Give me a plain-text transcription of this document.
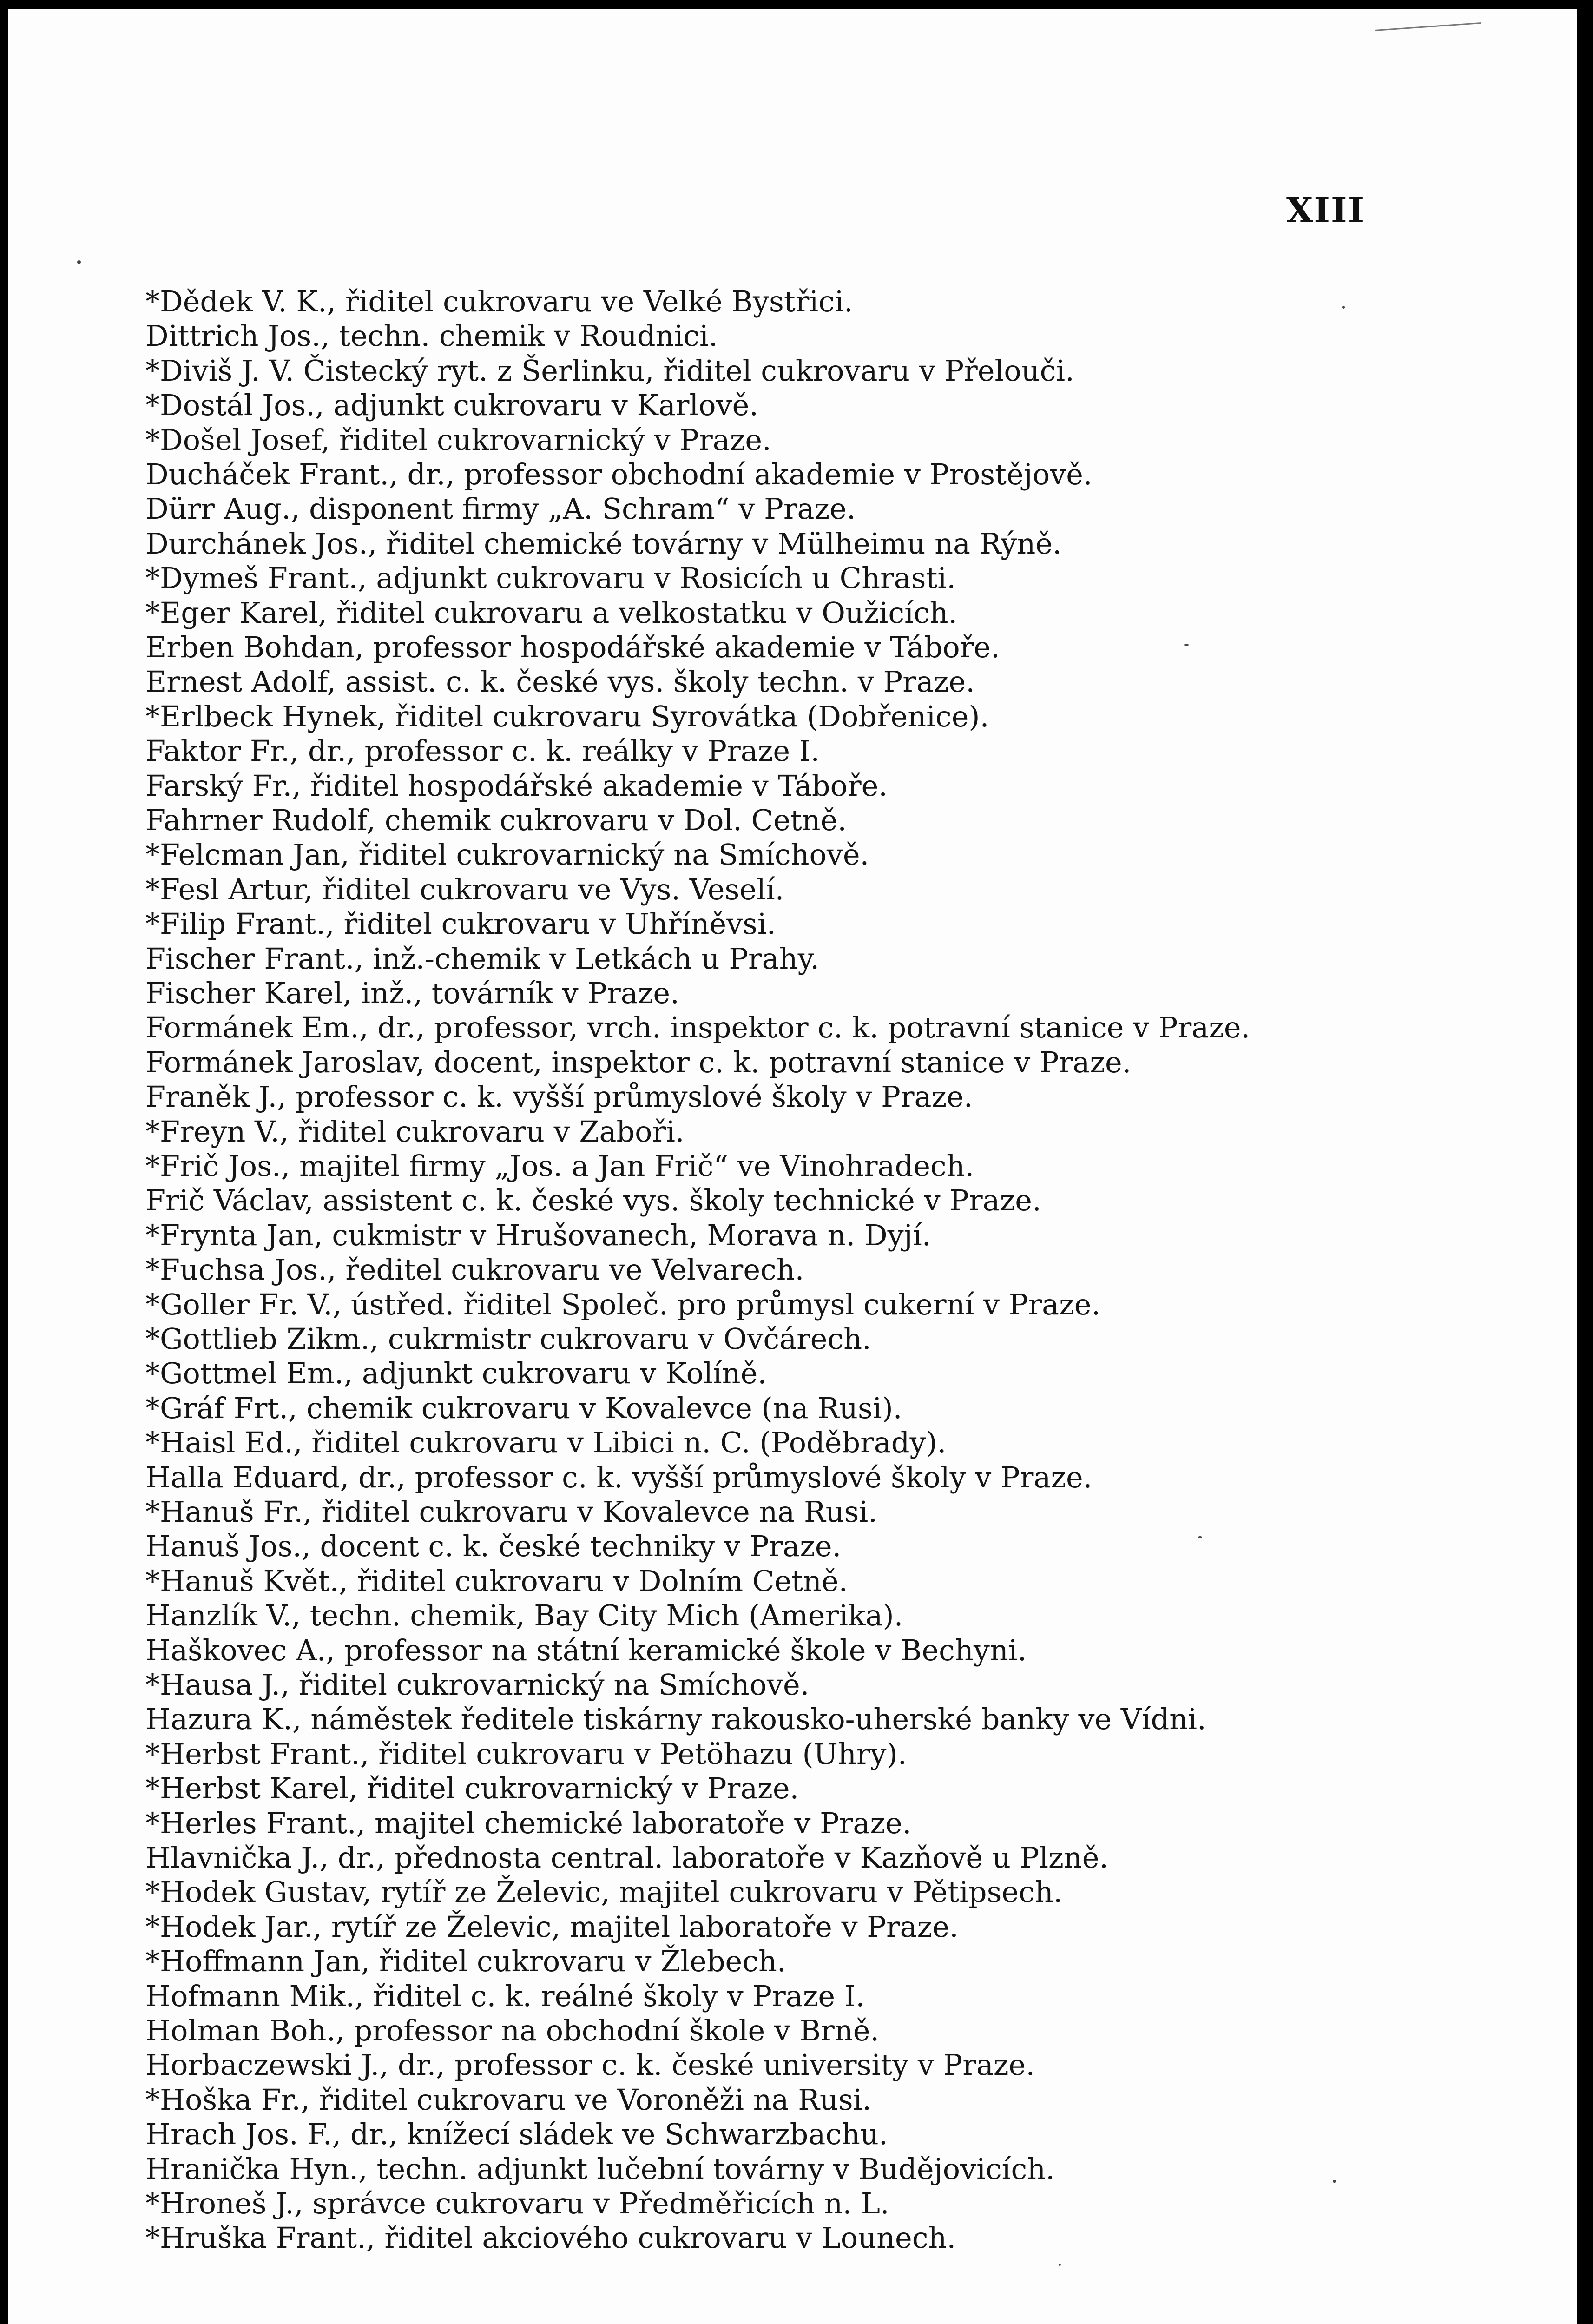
XIII
*Dědek V. K., řiditel cukrovaru ve Velké Bystřici.
Dittrich Jos., techn. chemik v Roudnici.
*Diviš J. V. Čistecký ryt. z Šerlinku, řiditel cukrovaru v Přelouči.
*Dostál Jos., adjunkt cukrovaru v Karlově.
*Došel Josef, řiditel cukrovarnický v Praze.
Ducháček Frant., dr., professor obchodní akademie v Prostějově.
Dürr Aug., disponent firmy „A. Schram“ v Praze.
Durchánek Jos., řiditel chemické továrny v Mülheimu na Rýně.
*Dymeš Frant., adjunkt cukrovaru v Rosicích u Chrasti.
*Eger Karel, řiditel cukrovaru a velkostatku v Oužicích.
Erben Bohdan, professor hospodářské akademie v Táboře.
Ernest Adolf, assist. c. k. české vys. školy techn. v Praze.
*Erlbeck Hynek, řiditel cukrovaru Syrovátka (Dobřenice).
Faktor Fr., dr., professor c. k. reálky v Praze I.
Farský Fr., řiditel hospodářské akademie v Táboře.
Fahrner Rudolf, chemik cukrovaru v Dol. Cetně.
*Felcman Jan, řiditel cukrovarnický na Smíchově.
*Fesl Artur, řiditel cukrovaru ve Vys. Veselí.
*Filip Frant., řiditel cukrovaru v Uhříněvsi.
Fischer Frant., inž.-chemik v Letkách u Prahy.
Fischer Karel, inž., továrník v Praze.
Formánek Em., dr., professor, vrch. inspektor c. k. potravní stanice v Praze.
Formánek Jaroslav, docent, inspektor c. k. potravní stanice v Praze.
Franěk J., professor c. k. vyšší průmyslové školy v Praze.
*Freyn V., řiditel cukrovaru v Zaboři.
*Frič Jos., majitel firmy „Jos. a Jan Frič“ ve Vinohradech.
Frič Václav, assistent c. k. české vys. školy technické v Praze.
*Frynta Jan, cukmistr v Hrušovanech, Morava n. Dyjí.
*Fuchsa Jos., ředitel cukrovaru ve Velvarech.
*Goller Fr. V., ústřed. řiditel Společ. pro průmysl cukerní v Praze.
*Gottlieb Zikm., cukrmistr cukrovaru v Ovčárech.
*Gottmel Em., adjunkt cukrovaru v Kolíně.
*Gráf Frt., chemik cukrovaru v Kovalevce (na Rusi).
*Haisl Ed., řiditel cukrovaru v Libici n. C. (Poděbrady).
Halla Eduard, dr., professor c. k. vyšší průmyslové školy v Praze.
*Hanuš Fr., řiditel cukrovaru v Kovalevce na Rusi.
Hanuš Jos., docent c. k. české techniky v Praze.
*Hanuš Květ., řiditel cukrovaru v Dolním Cetně.
Hanzlík V., techn. chemik, Bay City Mich (Amerika).
Haškovec A., professor na státní keramické škole v Bechyni.
*Hausa J., řiditel cukrovarnický na Smíchově.
Hazura K., náměstek ředitele tiskárny rakousko-uherské banky ve Vídni.
*Herbst Frant., řiditel cukrovaru v Petöhazu (Uhry).
*Herbst Karel, řiditel cukrovarnický v Praze.
*Herles Frant., majitel chemické laboratoře v Praze.
Hlavnička J., dr., přednosta central. laboratoře v Kazňově u Plzně.
*Hodek Gustav, rytíř ze Želevic, majitel cukrovaru v Pětipsech.
*Hodek Jar., rytíř ze Želevic, majitel laboratoře v Praze.
*Hoffmann Jan, řiditel cukrovaru v Žlebech.
Hofmann Mik., řiditel c. k. reálné školy v Praze I.
Holman Boh., professor na obchodní škole v Brně.
Horbaczewski J., dr., professor c. k. české university v Praze.
*Hoška Fr., řiditel cukrovaru ve Voroněži na Rusi.
Hrach Jos. F., dr., knížecí sládek ve Schwarzbachu.
Hranička Hyn., techn. adjunkt lučební továrny v Budějovicích.
*Hroneš J., správce cukrovaru v Předměřicích n. L.
*Hruška Frant., řiditel akciového cukrovaru v Lounech.
